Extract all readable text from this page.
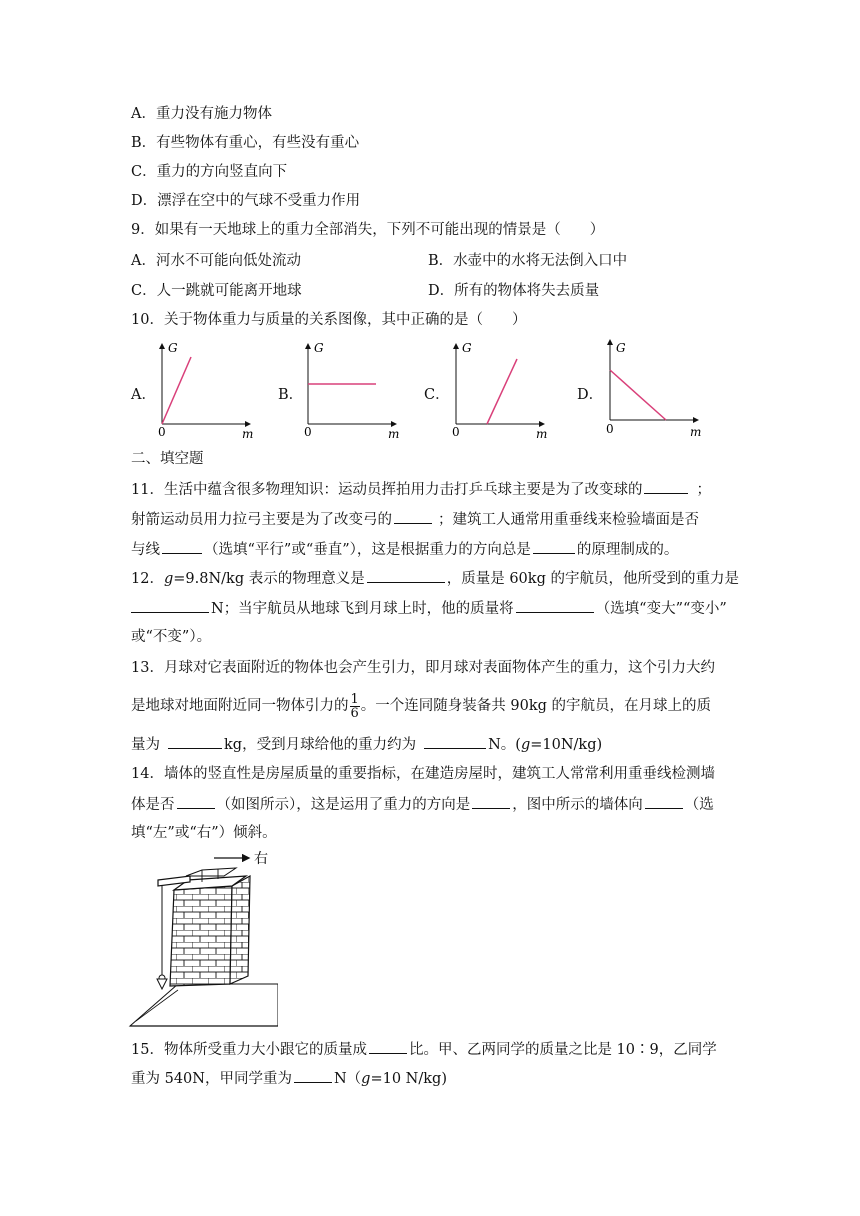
A．重力没有施力物体
B．有些物体有重心，有些没有重心
C．重力的方向竖直向下
D．漂浮在空中的气球不受重力作用
9．如果有一天地球上的重力全部消失，下列不可能出现的情景是（　　）
A．河水不可能向低处流动	B．水壶中的水将无法倒入口中
C．人一跳就可能离开地球	D．所有的物体将失去质量
10．关于物体重力与质量的关系图像，其中正确的是（　　）
A．	B．	C．	D．
G
m
0
G
m
0
G
m
0
G
m
0
二、填空题
11．生活中蕴含很多物理知识：运动员挥拍用力击打乒乓球主要是为了改变球的	；
射箭运动员用力拉弓主要是为了改变弓的	；建筑工人通常用重垂线来检验墙面是否
与线	（选填“平行”或“垂直”），这是根据重力的方向总是	的原理制成的。
12．g=9.8N/kg 表示的物理意义是	，质量是 60kg 的宇航员，他所受到的重力是
N；当宇航员从地球飞到月球上时，他的质量将	（选填“变大”“变小”
或“不变”）。
13．月球对它表面附近的物体也会产生引力，即月球对表面物体产生的重力，这个引力大约
是地球对地面附近同一物体引力的 $\frac{1}{6}$ 。一个连同随身装备共 90kg 的宇航员，在月球上的质
量为	kg，受到月球给他的重力约为	N。(g=10N/kg)
14．墙体的竖直性是房屋质量的重要指标，在建造房屋时，建筑工人常常利用重垂线检测墙
体是否	（如图所示），这是运用了重力的方向是	，图中所示的墙体向	（选
填“左”或“右”）倾斜。
右
15．物体所受重力大小跟它的质量成	比。甲、乙两同学的质量之比是 10∶9，乙同学
重为 540N，甲同学重为	N（g=10 N/kg)
